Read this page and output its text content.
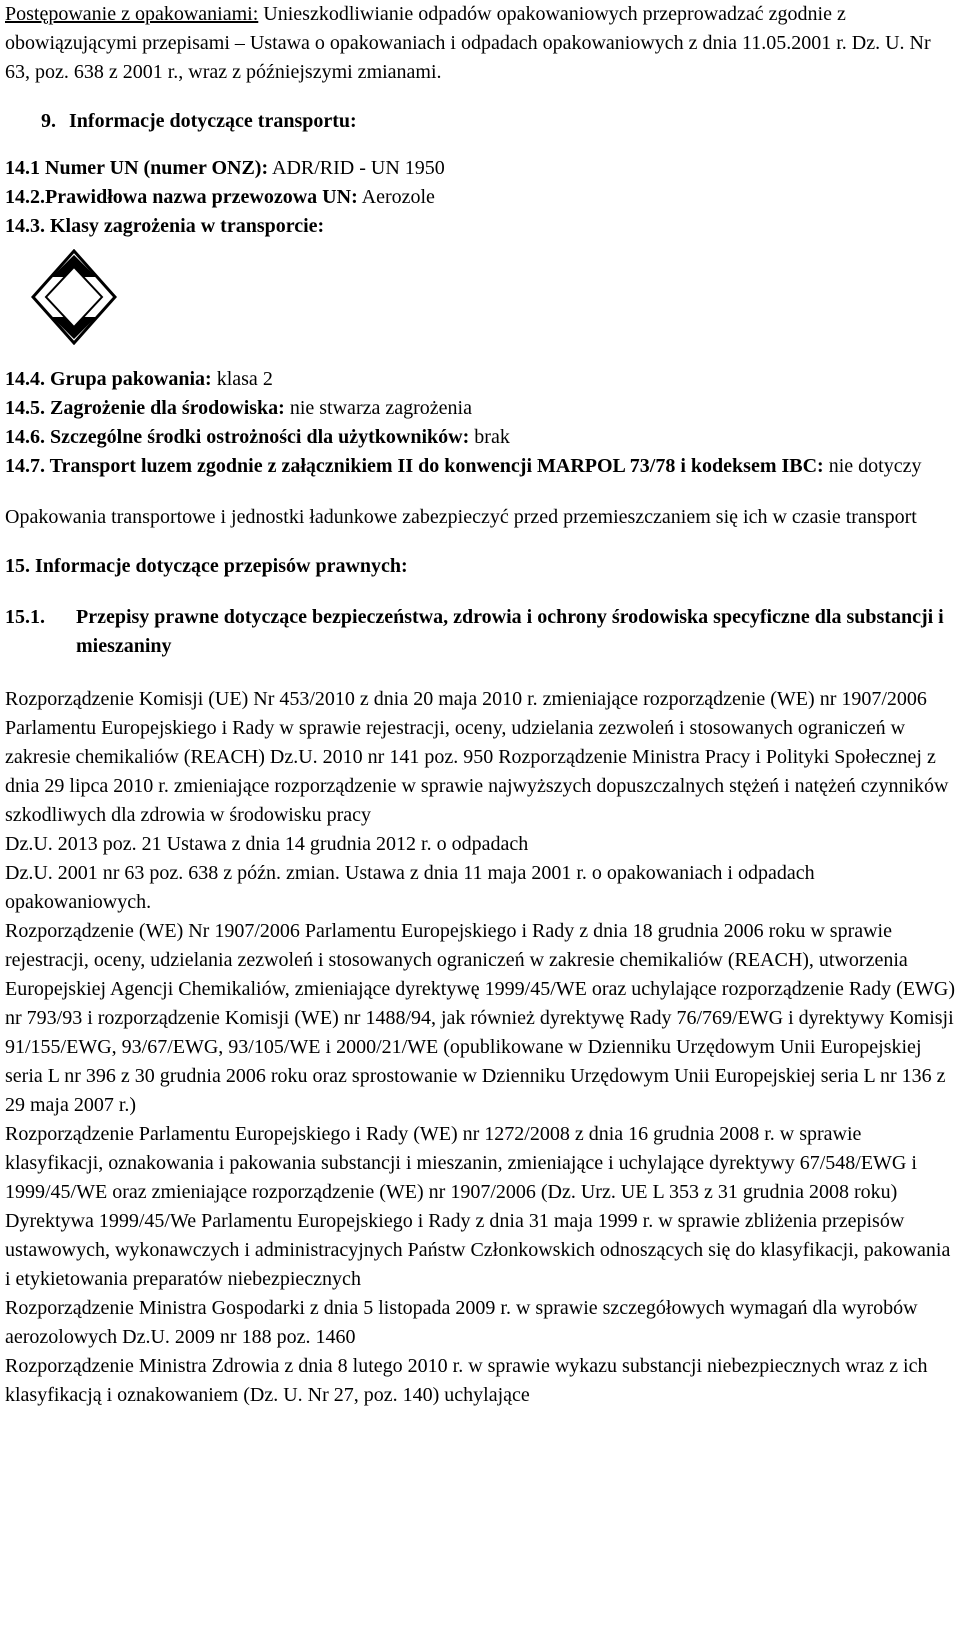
Postępowanie z opakowaniami: Unieszkodliwianie odpadów opakowaniowych przeprowadzać zgodnie z obowiązującymi przepisami – Ustawa o opakowaniach i odpadach opakowaniowych z dnia 11.05.2001 r. Dz. U. Nr 63, poz. 638 z 2001 r., wraz z późniejszymi zmianami.

9. Informacje dotyczące transportu:

14.1 Numer UN (numer ONZ): ADR/RID - UN 1950

14.2.Prawidłowa nazwa przewozowa UN: Aerozole

14.3. Klasy zagrożenia w transporcie:

14.4. Grupa pakowania: klasa 2

14.5. Zagrożenie dla środowiska: nie stwarza zagrożenia

14.6. Szczególne środki ostrożności dla użytkowników: brak

14.7. Transport luzem zgodnie z załącznikiem II do konwencji MARPOL 73/78 i kodeksem IBC: nie dotyczy

Opakowania transportowe i jednostki ładunkowe zabezpieczyć przed przemieszczaniem się ich w czasie transport

15. Informacje dotyczące przepisów prawnych:

15.1.	Przepisy prawne dotyczące bezpieczeństwa, zdrowia i ochrony środowiska specyficzne dla substancji i mieszaniny

Rozporządzenie Komisji (UE) Nr 453/2010 z dnia 20 maja 2010 r. zmieniające rozporządzenie (WE) nr 1907/2006 Parlamentu Europejskiego i Rady w sprawie rejestracji, oceny, udzielania zezwoleń i stosowanych ograniczeń w zakresie chemikaliów (REACH) Dz.U. 2010 nr 141 poz. 950 Rozporządzenie Ministra Pracy i Polityki Społecznej z dnia 29 lipca 2010 r. zmieniające rozporządzenie w sprawie najwyższych dopuszczalnych stężeń i natężeń czynników szkodliwych dla zdrowia w środowisku pracy

Dz.U. 2013 poz. 21 Ustawa z dnia 14 grudnia 2012 r. o odpadach

Dz.U. 2001 nr 63 poz. 638 z późn. zmian. Ustawa z dnia 11 maja 2001 r. o opakowaniach i odpadach opakowaniowych.

Rozporządzenie (WE) Nr 1907/2006 Parlamentu Europejskiego i Rady z dnia 18 grudnia 2006 roku w sprawie rejestracji, oceny, udzielania zezwoleń i stosowanych ograniczeń w zakresie chemikaliów (REACH), utworzenia Europejskiej Agencji Chemikaliów, zmieniające dyrektywę 1999/45/WE oraz uchylające rozporządzenie Rady (EWG) nr 793/93 i rozporządzenie Komisji (WE) nr 1488/94, jak również dyrektywę Rady 76/769/EWG i dyrektywy Komisji 91/155/EWG, 93/67/EWG, 93/105/WE i 2000/21/WE (opublikowane w Dzienniku Urzędowym Unii Europejskiej seria L nr 396 z 30 grudnia 2006 roku oraz sprostowanie w Dzienniku Urzędowym Unii Europejskiej seria L nr 136 z 29 maja 2007 r.)

Rozporządzenie Parlamentu Europejskiego i Rady (WE) nr 1272/2008 z dnia 16 grudnia 2008 r. w sprawie klasyfikacji, oznakowania i pakowania substancji i mieszanin, zmieniające i uchylające dyrektywy 67/548/EWG i 1999/45/WE oraz zmieniające rozporządzenie (WE) nr 1907/2006 (Dz. Urz. UE L 353 z 31 grudnia 2008 roku)

Dyrektywa 1999/45/We Parlamentu Europejskiego i Rady z dnia 31 maja 1999 r. w sprawie zbliżenia przepisów ustawowych, wykonawczych i administracyjnych Państw Członkowskich odnoszących się do klasyfikacji, pakowania i etykietowania preparatów niebezpiecznych

Rozporządzenie Ministra Gospodarki z dnia 5 listopada 2009 r. w sprawie szczegółowych wymagań dla wyrobów aerozolowych Dz.U. 2009 nr 188 poz. 1460

Rozporządzenie Ministra Zdrowia z dnia 8 lutego 2010 r. w sprawie wykazu substancji niebezpiecznych wraz z ich klasyfikacją i oznakowaniem (Dz. U. Nr 27, poz. 140) uchylające
